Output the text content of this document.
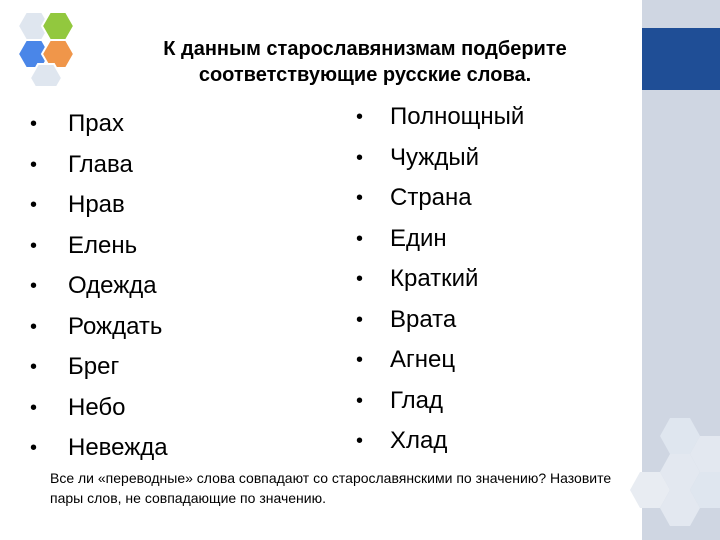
К данным старославянизмам подберите
соответствующие русские слова.
• Прах
• Глава
• Нрав
• Елень
• Одежда
• Рождать
• Брег
• Небо
• Невежда
• Полнощный
• Чуждый
• Страна
• Един
• Краткий
• Врата
• Агнец
• Глад
• Хлад
Все ли «переводные» слова совпадают со старославянскими по значению? Назовите пары слов, не совпадающие по значению.
